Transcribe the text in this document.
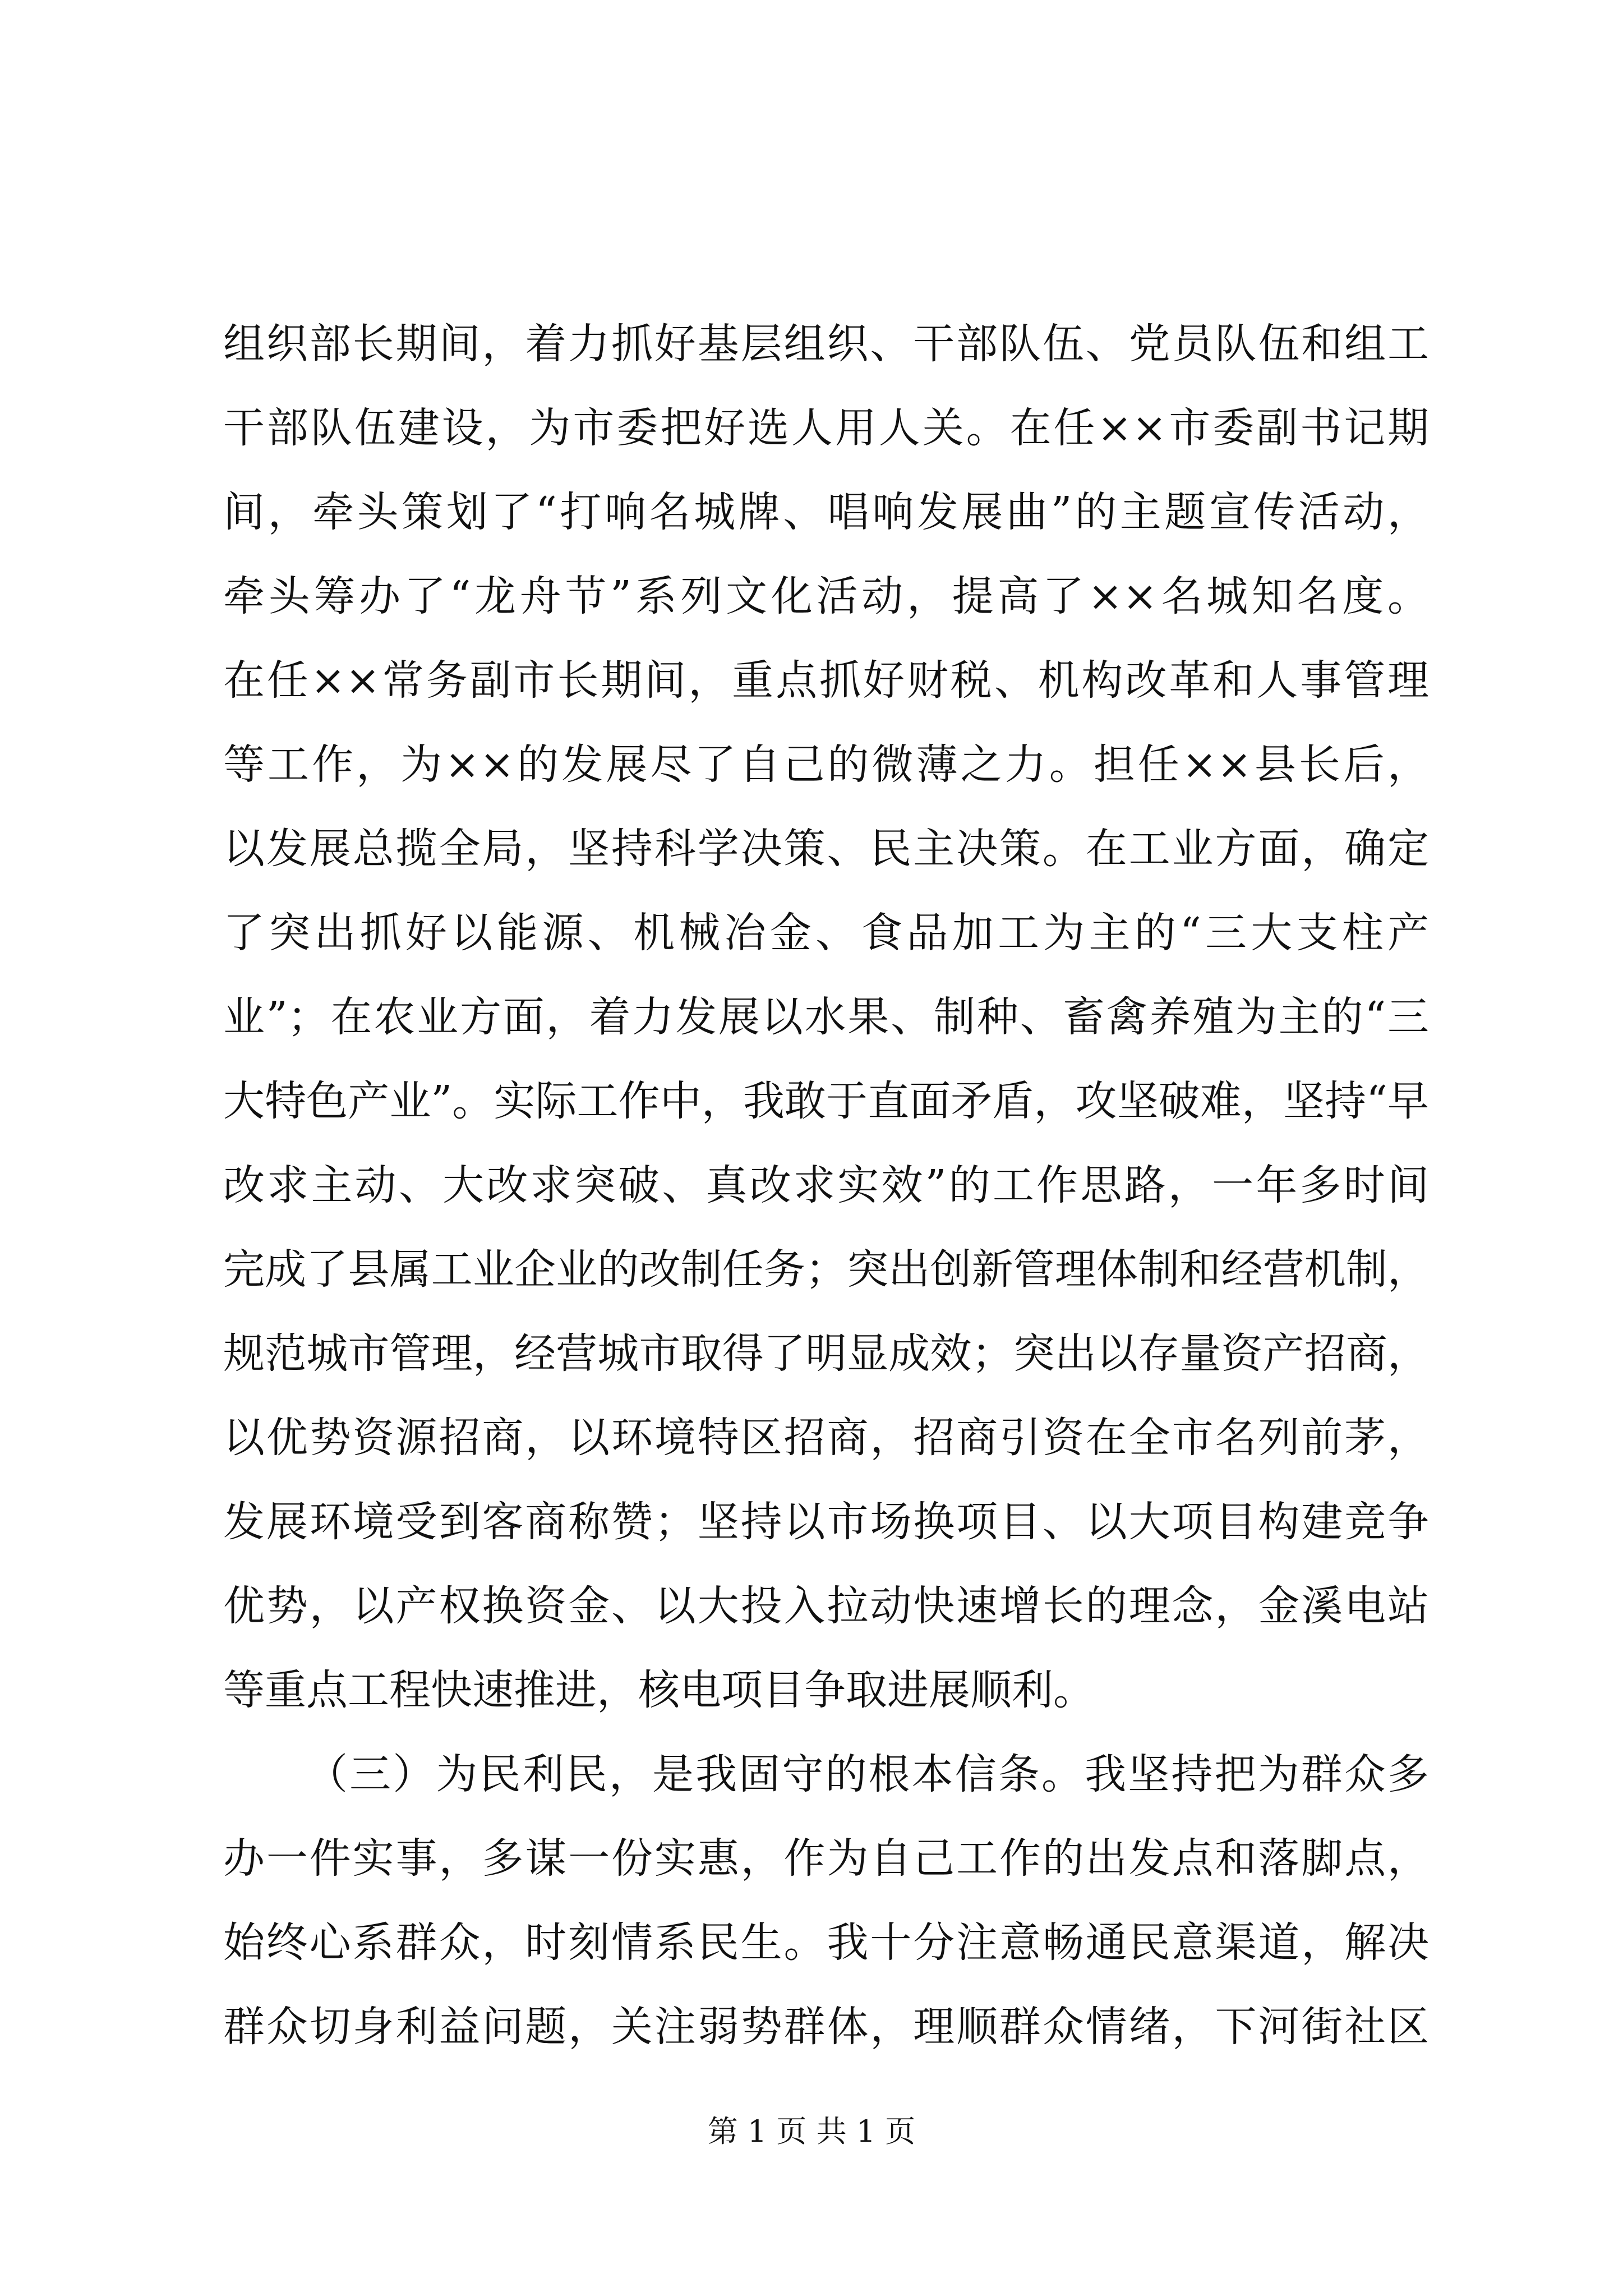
组织部长期间，着力抓好基层组织、干部队伍、党员队伍和组工
干部队伍建设，为市委把好选人用人关。在任××市委副书记期
间，牵头策划了“打响名城牌、唱响发展曲”的主题宣传活动，
牵头筹办了“龙舟节”系列文化活动，提高了××名城知名度。
在任××常务副市长期间，重点抓好财税、机构改革和人事管理
等工作，为××的发展尽了自己的微薄之力。担任××县长后，
以发展总揽全局，坚持科学决策、民主决策。在工业方面，确定
了突出抓好以能源、机械冶金、食品加工为主的“三大支柱产
业”；在农业方面，着力发展以水果、制种、畜禽养殖为主的“三
大特色产业”。实际工作中，我敢于直面矛盾，攻坚破难，坚持“早
改求主动、大改求突破、真改求实效”的工作思路，一年多时间
完成了县属工业企业的改制任务；突出创新管理体制和经营机制，
规范城市管理，经营城市取得了明显成效；突出以存量资产招商，
以优势资源招商，以环境特区招商，招商引资在全市名列前茅，
发展环境受到客商称赞；坚持以市场换项目、以大项目构建竞争
优势，以产权换资金、以大投入拉动快速增长的理念，金溪电站
等重点工程快速推进，核电项目争取进展顺利。
（三）为民利民，是我固守的根本信条。我坚持把为群众多
办一件实事，多谋一份实惠，作为自己工作的出发点和落脚点，
始终心系群众，时刻情系民生。我十分注意畅通民意渠道，解决
群众切身利益问题，关注弱势群体，理顺群众情绪，下河街社区
第 1 页 共 1 页
